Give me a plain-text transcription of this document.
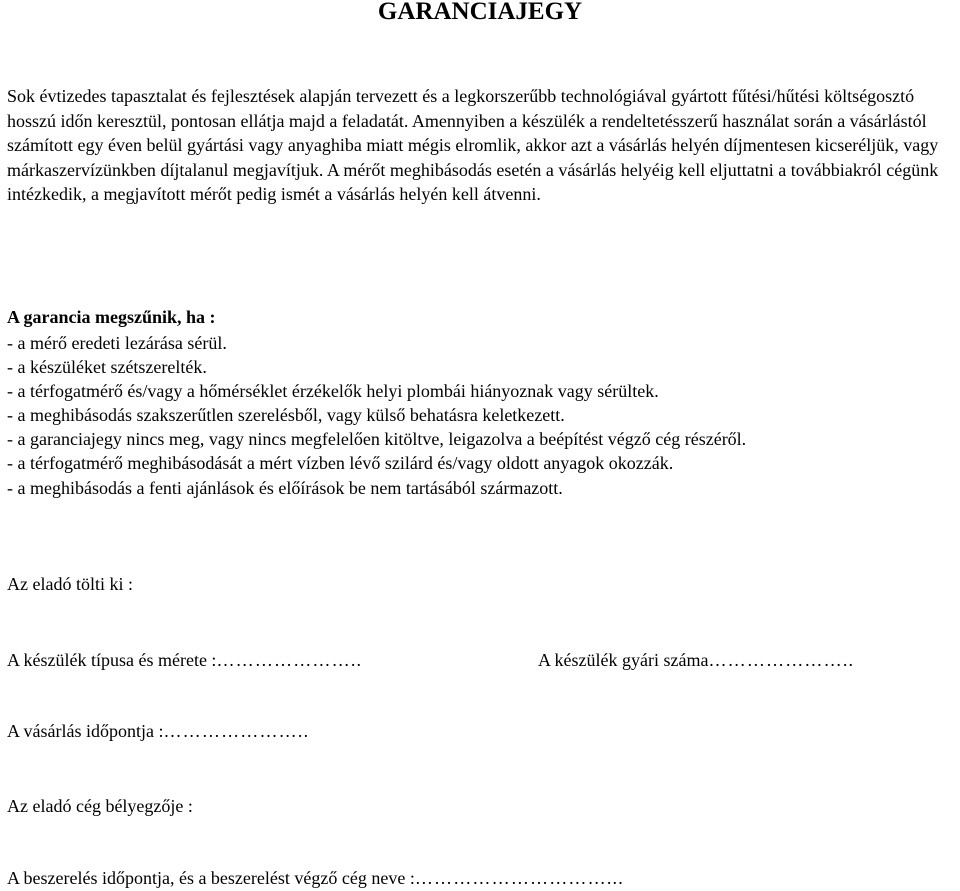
GARANCIAJEGY

Sok évtizedes tapasztalat és fejlesztések alapján tervezett és a legkorszerűbb technológiával gyártott fűtési/hűtési költségosztó hosszú időn keresztül, pontosan ellátja majd a feladatát. Amennyiben a készülék a rendeltetésszerű használat során a vásárlástól számított egy éven belül gyártási vagy anyaghiba miatt mégis elromlik, akkor azt a vásárlás helyén díjmentesen kicseréljük, vagy márkaszervízünkben díjtalanul megjavítjuk. A mérőt meghibásodás esetén a vásárlás helyéig kell eljuttatni a továbbiakról cégünk intézkedik, a megjavított mérőt pedig ismét a vásárlás helyén kell átvenni.

A garancia megszűnik, ha :

- a mérő eredeti lezárása sérül.
- a készüléket szétszerelték.
- a térfogatmérő és/vagy a hőmérséklet érzékelők helyi plombái hiányoznak vagy sérültek.
- a meghibásodás szakszerűtlen szerelésből, vagy külső behatásra keletkezett.
- a garanciajegy nincs meg, vagy nincs megfelelően kitöltve, leigazolva a beépítést végző cég részéről.
- a térfogatmérő meghibásodását a mért vízben lévő szilárd és/vagy oldott anyagok okozzák.
- a meghibásodás a fenti ajánlások és előírások be nem tartásából származott.

Az eladó tölti ki :

A készülék típusa és mérete :…………………..	A készülék gyári száma…………………..
A vásárlás időpontja :…………………..

Az eladó cég bélyegzője :

A beszerelés időpontja, és a beszerelést végző cég neve :…………………………...
